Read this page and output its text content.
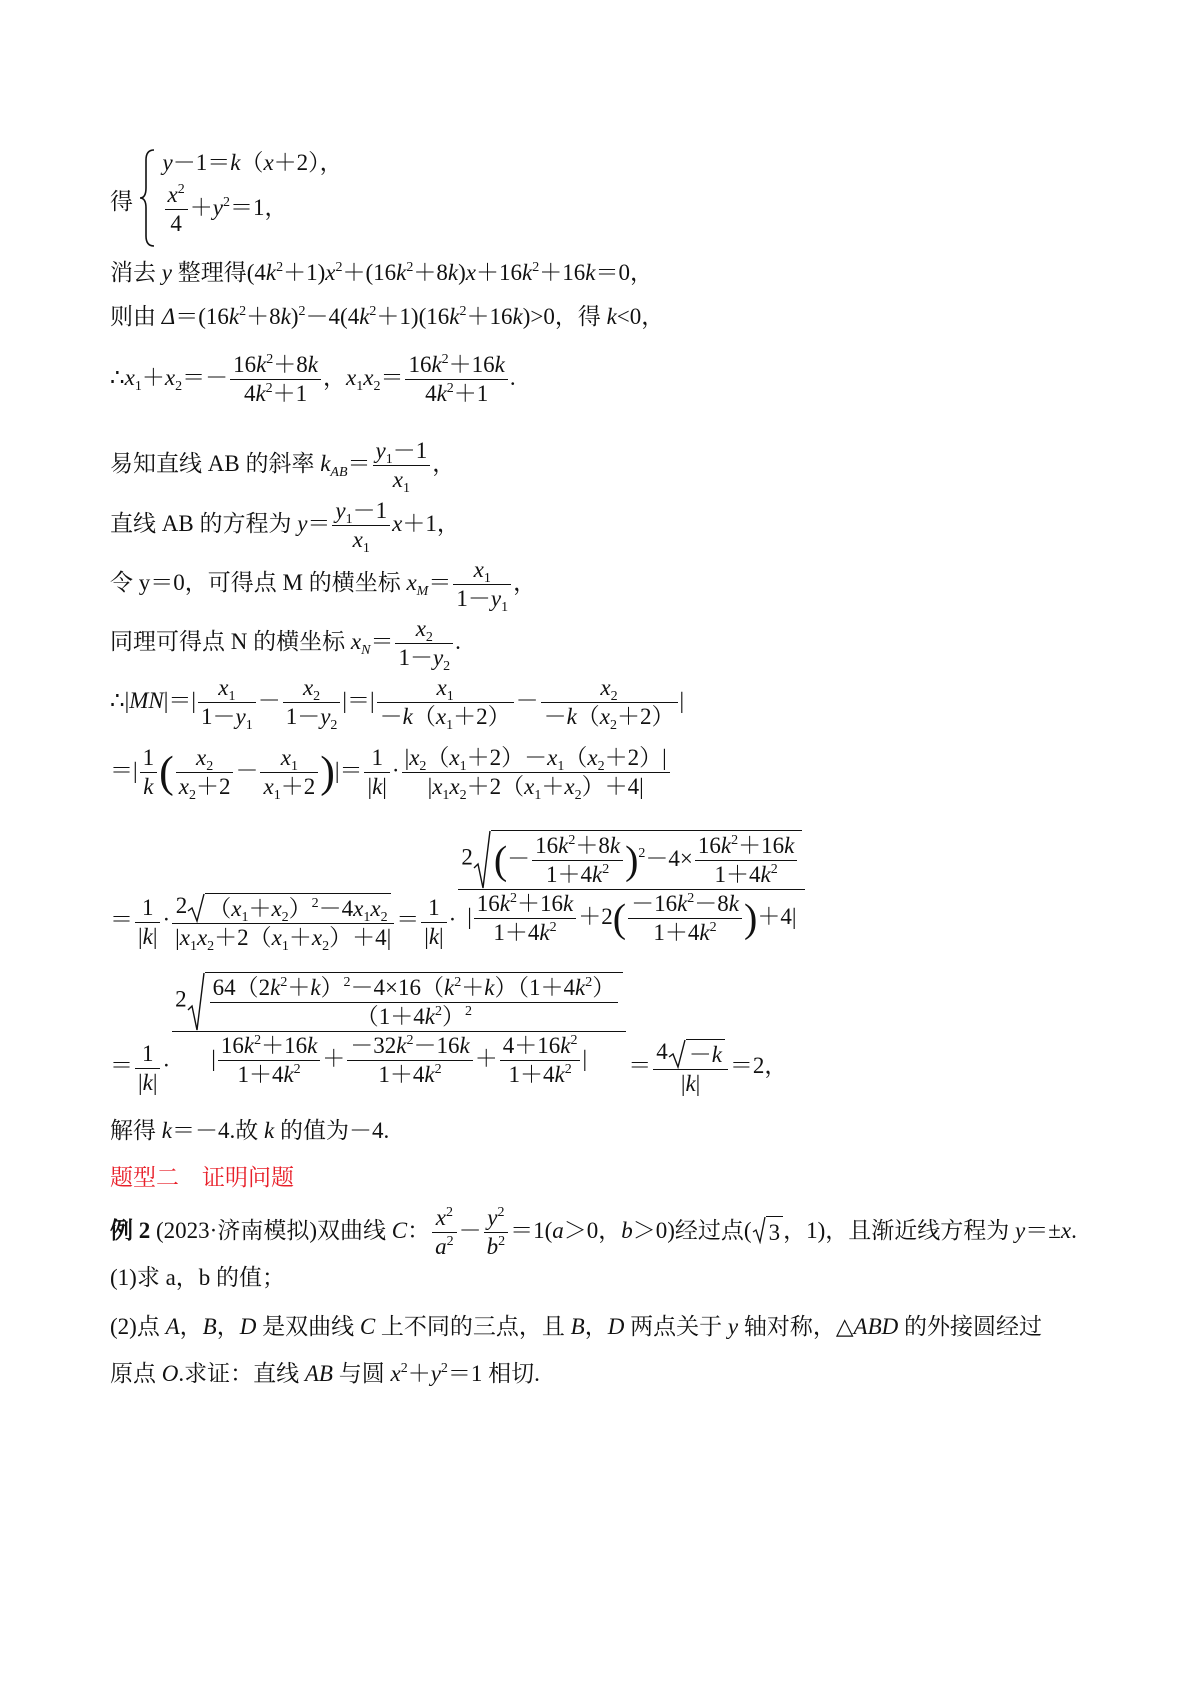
得
y－1＝k（x＋2），
$\frac{x^2}{4} +y^2=1$，
消去 y 整理得$(4k^2+1)x^2+(16k^2+8k)x+16k^2+16k=0$，
则由 $\Delta=(16k^2+8k)^2-4(4k^2+1)(16k^2+16k)>0$，得 k<0，
$\therefore x_1+x_2=- \frac{16k^2+8k}{4k^2+1}$ ，$x_1x_2= \frac{16k^2+16k}{4k^2+1}$ .
易知直线 AB 的斜率 $k_{AB}= \frac{y_1-1}{x_1}$ ，
直线 AB 的方程为 $y= \frac{y_1-1}{x_1} x+1$，
令 y＝0，可得点 M 的横坐标 $x_M= \frac{x_1}{1-y_1}$ ，
同理可得点 N 的横坐标 $x_N= \frac{x_2}{1-y_2}$ .
∴|MN|＝| $\frac{x_1}{1-y_1} - \frac{x_2}{1-y_2}$ |＝| $\frac{x_1}{-k(x_1+2)} - \frac{x_2}{-k(x_2+2)}$ |
＝| $\frac{1}{k}$ ( $\frac{x_2}{x_2+2} - \frac{x_1}{x_1+2}$ )|＝ $\frac{1}{|k|} \cdot \frac{|x_2(x_1+2)-x_1(x_2+2)|}{|x_1x_2+2(x_1+x_2)+4|}$
＝ $\frac{1}{|k|} \cdot \frac{2 (x_1+x_2)^2-4x_1x_2}{|x_1x_2+2(x_1+x_2)+4|} = \frac{1}{|k|} \cdot \frac{2 (- \frac{16k^2+8k}{1+4k^2} )^2-4\times \frac{16k^2+16k}{1+4k^2}}{| \frac{16k^2+16k}{1+4k^2} +2( \frac{-16k^2-8k}{1+4k^2} )+4|}$
＝ $\frac{1}{|k|} \cdot \frac{2 \frac{64(2k^2+k)^2-4\times 16(k^2+k)(1+4k^2)}{(1+4k^2)^2}}{| \frac{16k^2+16k}{1+4k^2} + \frac{-32k^2-16k}{1+4k^2} + \frac{4+16k^2}{1+4k^2} |} = \frac{4 -k}{|k|} =2$，
解得 k＝－4.故 k 的值为－4.
题型二　证明问题
例 2 (2023·济南模拟)双曲线 C： $\frac{x^2}{a^2} - \frac{y^2}{b^2} =1(a>0$，b＞0)经过点( 3 ，1)，且渐近线方程为 y＝±x.
(1)求 a，b 的值；
(2)点 A，B，D 是双曲线 C 上不同的三点，且 B，D 两点关于 y 轴对称，△ABD 的外接圆经过
原点 O.求证：直线 AB 与圆 $x^2+y^2=1$ 相切.
